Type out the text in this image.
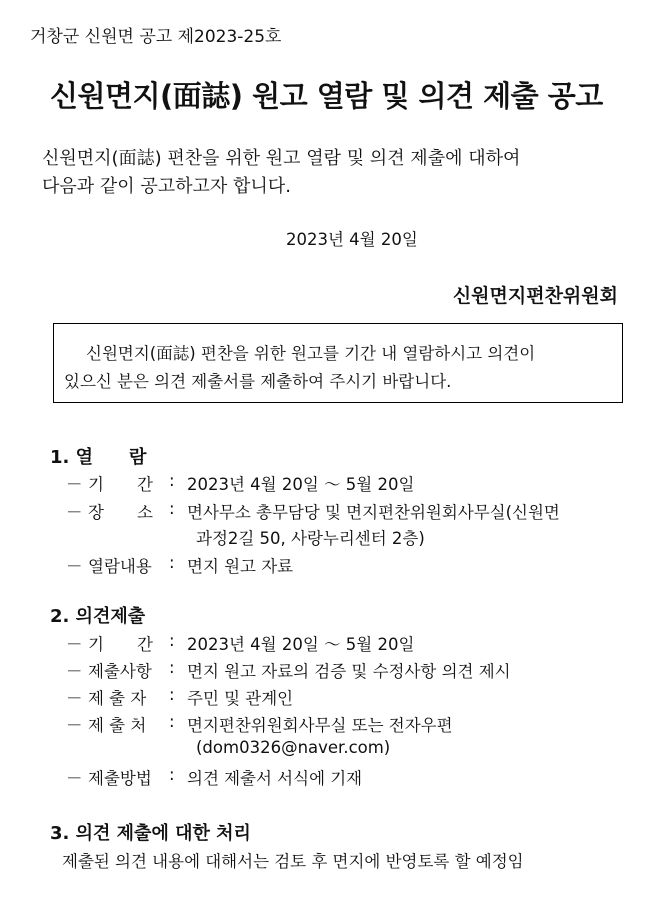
거창군 신원면 공고 제2023-25호
신원면지(面誌) 원고 열람 및 의견 제출 공고
신원면지(面誌) 편찬을 위한 원고 열람 및 의견 제출에 대하여
다음과 같이 공고하고자 합니다.
2023년 4월 20일
신원면지편찬위원회
신원면지(面誌) 편찬을 위한 원고를 기간 내 열람하시고 의견이
있으신 분은 의견 제출서를 제출하여 주시기 바랍니다.
1. 열　　람
－ 기　　간 : 2023년 4월 20일 ～ 5월 20일
－ 장　　소 : 면사무소 총무담당 및 면지편찬위원회사무실(신원면
과정2길 50, 사랑누리센터 2층)
－ 열람내용 : 면지 원고 자료
2. 의견제출
－ 기　　간 : 2023년 4월 20일 ～ 5월 20일
－ 제출사항 : 면지 원고 자료의 검증 및 수정사항 의견 제시
－ 제 출 자 : 주민 및 관계인
－ 제 출 처 : 면지편찬위원회사무실 또는 전자우편
(dom0326@naver.com)
－ 제출방법 : 의견 제출서 서식에 기재
3. 의견 제출에 대한 처리
제출된 의견 내용에 대해서는 검토 후 면지에 반영토록 할 예정임
